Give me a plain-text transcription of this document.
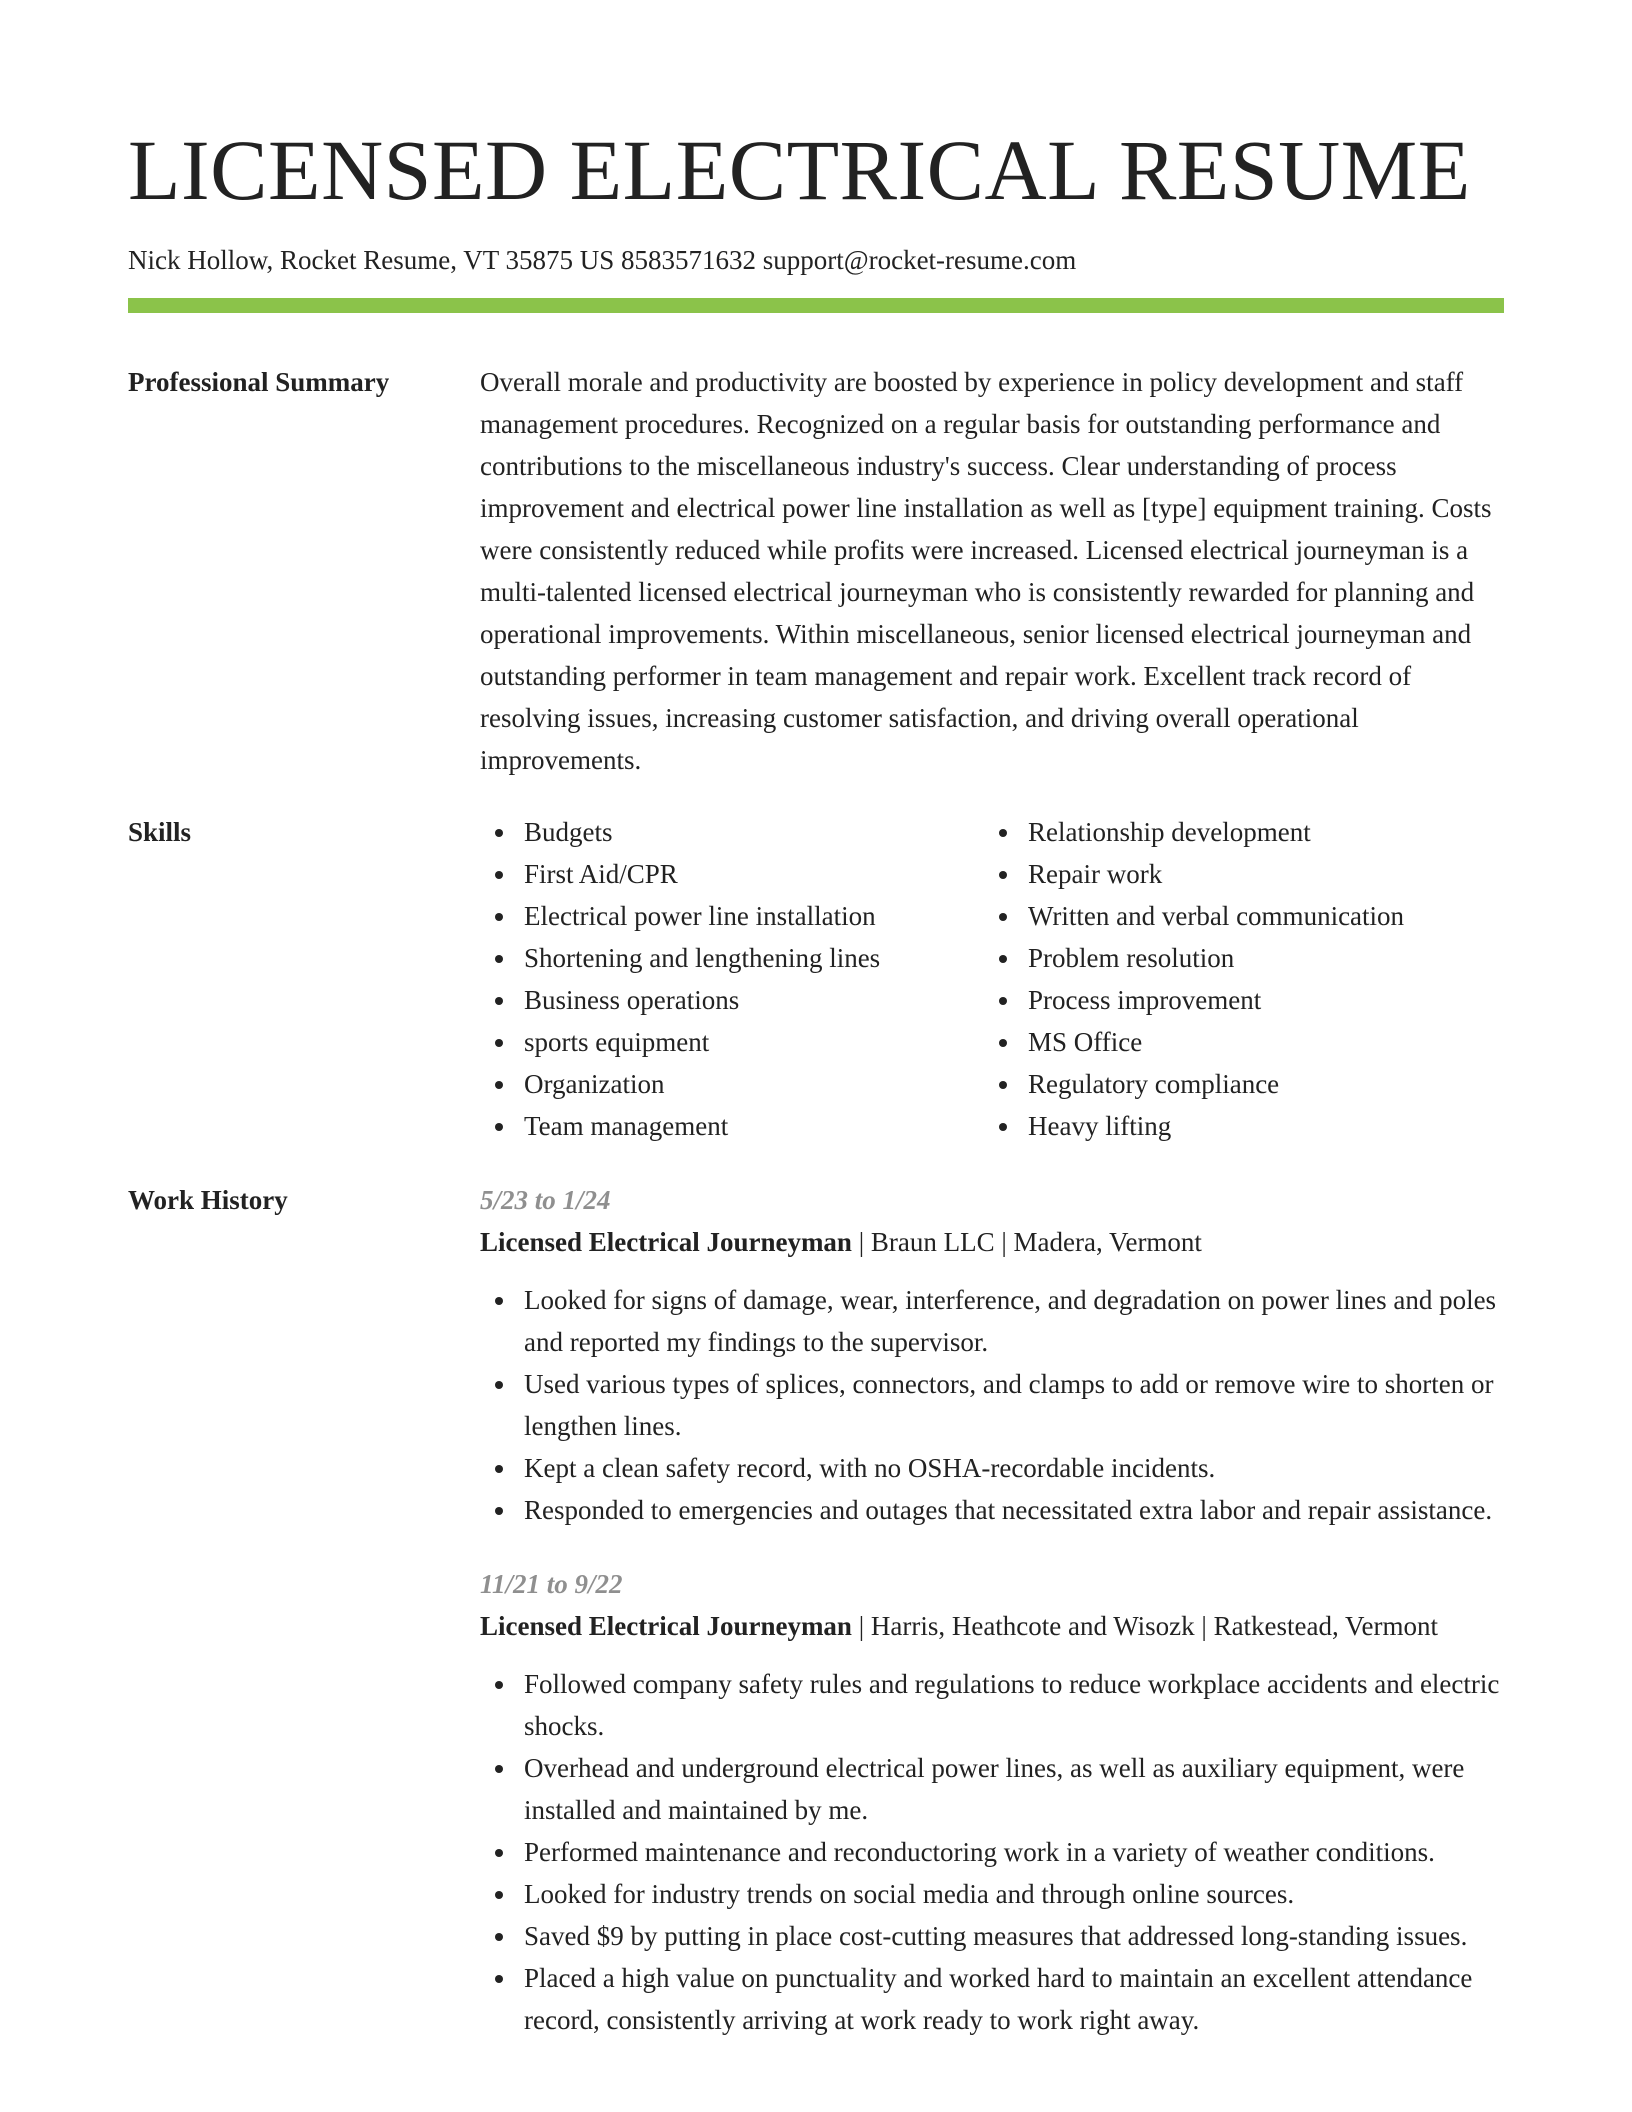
LICENSED ELECTRICAL RESUME
Nick Hollow, Rocket Resume, VT 35875 US 8583571632 support@rocket-resume.com
Professional Summary	Overall morale and productivity are boosted by experience in policy development and staff management procedures. Recognized on a regular basis for outstanding performance and contributions to the miscellaneous industry's success. Clear understanding of process improvement and electrical power line installation as well as [type] equipment training. Costs were consistently reduced while profits were increased. Licensed electrical journeyman is a multi-talented licensed electrical journeyman who is consistently rewarded for planning and operational improvements. Within miscellaneous, senior licensed electrical journeyman and outstanding performer in team management and repair work. Excellent track record of resolving issues, increasing customer satisfaction, and driving overall operational improvements.

Skills	Budgets
First Aid/CPR
Electrical power line installation
Shortening and lengthening lines
Business operations
sports equipment
Organization
Team management
Relationship development
Repair work
Written and verbal communication
Problem resolution
Process improvement
MS Office
Regulatory compliance
Heavy lifting
Work History	5/23 to 1/24
Licensed Electrical Journeyman | Braun LLC | Madera, Vermont
Looked for signs of damage, wear, interference, and degradation on power lines and poles and reported my findings to the supervisor.
Used various types of splices, connectors, and clamps to add or remove wire to shorten or lengthen lines.
Kept a clean safety record, with no OSHA-recordable incidents.
Responded to emergencies and outages that necessitated extra labor and repair assistance.
11/21 to 9/22
Licensed Electrical Journeyman | Harris, Heathcote and Wisozk | Ratkestead, Vermont
Followed company safety rules and regulations to reduce workplace accidents and electric shocks.
Overhead and underground electrical power lines, as well as auxiliary equipment, were installed and maintained by me.
Performed maintenance and reconductoring work in a variety of weather conditions.
Looked for industry trends on social media and through online sources.
Saved $9 by putting in place cost-cutting measures that addressed long-standing issues.
Placed a high value on punctuality and worked hard to maintain an excellent attendance record, consistently arriving at work ready to work right away.
